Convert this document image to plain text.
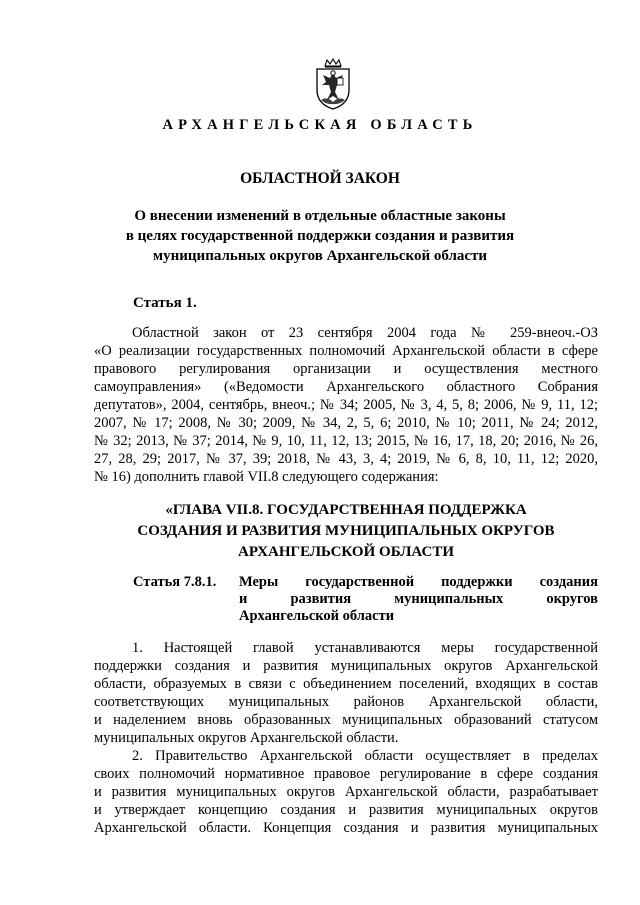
АРХАНГЕЛЬСКАЯ ОБЛАСТЬ
ОБЛАСТНОЙ ЗАКОН
О внесении изменений в отдельные областные законы
в целях государственной поддержки создания и развития
муниципальных округов Архангельской области
Статья 1.
Областной закон от 23 сентября 2004 года № 259-внеоч.-ОЗ
«О реализации государственных полномочий Архангельской области в сфере
правового регулирования организации и осуществления местного
самоуправления» («Ведомости Архангельского областного Собрания
депутатов», 2004, сентябрь, внеоч.; № 34; 2005, № 3, 4, 5, 8; 2006, № 9, 11, 12;
2007, № 17; 2008, № 30; 2009, № 34, 2, 5, 6; 2010, № 10; 2011, № 24; 2012,
№ 32; 2013, № 37; 2014, № 9, 10, 11, 12, 13; 2015, № 16, 17, 18, 20; 2016, № 26,
27, 28, 29; 2017, № 37, 39; 2018, № 43, 3, 4; 2019, № 6, 8, 10, 11, 12; 2020,
№ 16) дополнить главой VII.8 следующего содержания:
«ГЛАВА VII.8. ГОСУДАРСТВЕННАЯ ПОДДЕРЖКА
СОЗДАНИЯ И РАЗВИТИЯ МУНИЦИПАЛЬНЫХ ОКРУГОВ
АРХАНГЕЛЬСКОЙ ОБЛАСТИ
Статья 7.8.1. Меры государственной поддержки создания
и развития муниципальных округов
Архангельской области
1. Настоящей главой устанавливаются меры государственной
поддержки создания и развития муниципальных округов Архангельской
области, образуемых в связи с объединением поселений, входящих в состав
соответствующих муниципальных районов Архангельской области,
и наделением вновь образованных муниципальных образований статусом
муниципальных округов Архангельской области.
2. Правительство Архангельской области осуществляет в пределах
своих полномочий нормативное правовое регулирование в сфере создания
и развития муниципальных округов Архангельской области, разрабатывает
и утверждает концепцию создания и развития муниципальных округов
Архангельской области. Концепция создания и развития муниципальных
